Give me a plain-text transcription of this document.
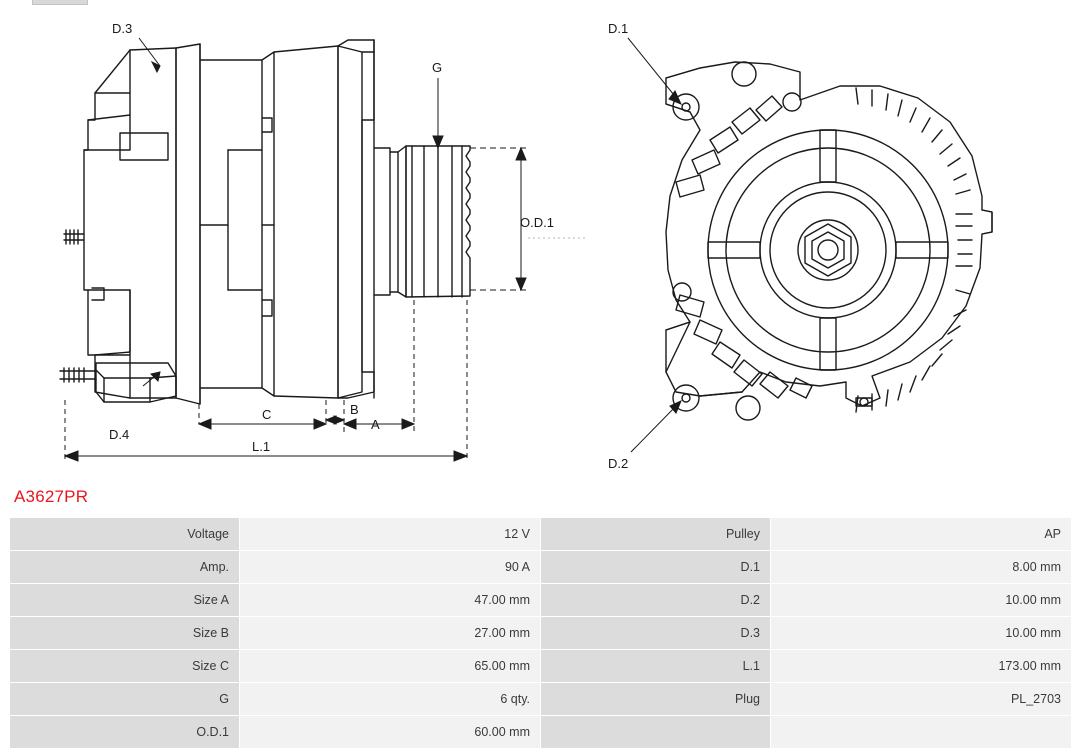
D.3
D.4
G
O.D.1
A
B
C
L.1
D.1
D.2
A3627PR
Voltage	12 V	Pulley	AP
Amp.	90 A	D.1	8.00 mm
Size A	47.00 mm	D.2	10.00 mm
Size B	27.00 mm	D.3	10.00 mm
Size C	65.00 mm	L.1	173.00 mm
G	6 qty.	Plug	PL_2703
O.D.1	60.00 mm		
